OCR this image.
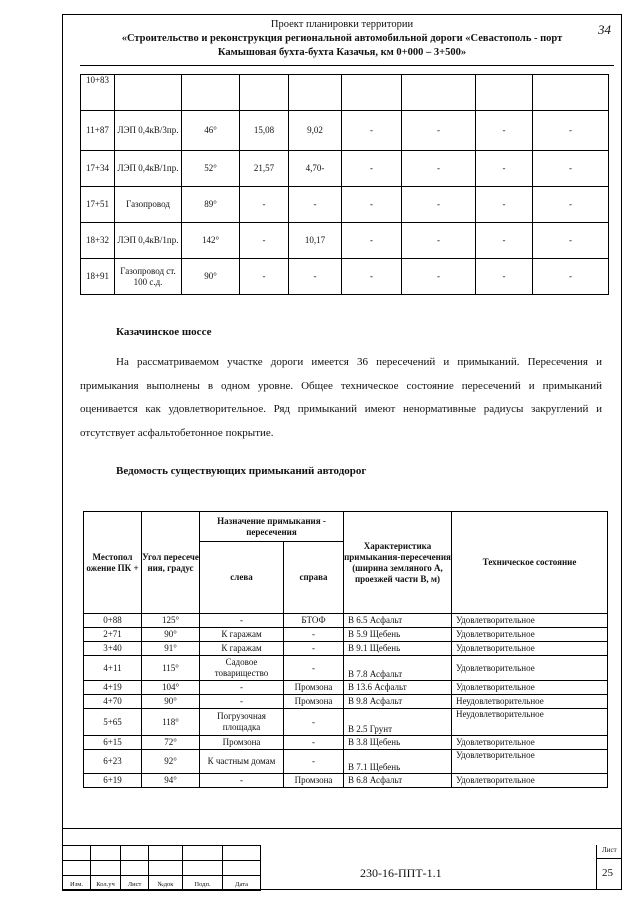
Проект планировки территории
«Строительство и реконструкция региональной автомобильной дороги «Севастополь - порт
Камышовая бухта-бухта Казачья, км 0+000 – 3+500»
34
10+83								
11+87	ЛЭП 0,4кВ/3пр.	46°	15,08	9,02	-	-	-	-
17+34	ЛЭП 0,4кВ/1пр.	52°	21,57	4,70-	-	-	-	-
17+51	Газопровод	89°	-	-	-	-	-	-
18+32	ЛЭП 0,4кВ/1пр.	142°	-	10,17	-	-	-	-
18+91	Газопровод ст. 100 с.д.	90°	-	-	-	-	-	-
Казачинское шоссе
На рассматриваемом участке дороги имеется 36 пересечений и примыканий. Пересечения и примыкания выполнены в одном уровне. Общее техническое состояние пересечений и примыканий оценивается как удовлетворительное. Ряд примыканий имеют ненормативные радиусы закруглений и отсутствует асфальтобетонное покрытие.
Ведомость существующих примыканий автодорог
Местопол ожение ПК +	Угол пересече ния, градус	Назначение примыкания - пересечения		Характеристика примыкания-пересечения (ширина земляного А, проезжей части В, м)	Техническое состояние
		слева	справа		
0+88	125°	-	БТОФ	В 6.5 Асфальт	Удовлетворительное
2+71	90°	К гаражам	-	В 5.9 Щебень	Удовлетворительное
3+40	91°	К гаражам	-	В 9.1 Щебень	Удовлетворительное
4+11	115°	Садовое товарищество	-	В 7.8 Асфальт	Удовлетворительное
4+19	104°	-	Промзона	В 13.6 Асфальт	Удовлетворительное
4+70	90°	-	Промзона	В 9.8 Асфальт	Неудовлетворительное
5+65	118°	Погрузочная площадка	-	В 2.5 Грунт	Неудовлетворительное
6+15	72°	Промзона	-	В 3.8 Щебень	Удовлетворительное
6+23	92°	К частным домам	-	В 7.1 Щебень	Удовлетворительное
6+19	94°	-	Промзона	В 6.8 Асфальт	Удовлетворительное

Изм.	Кол.уч	Лист	№док	Подп.	Дата
230-16-ППТ-1.1
Лист
25
